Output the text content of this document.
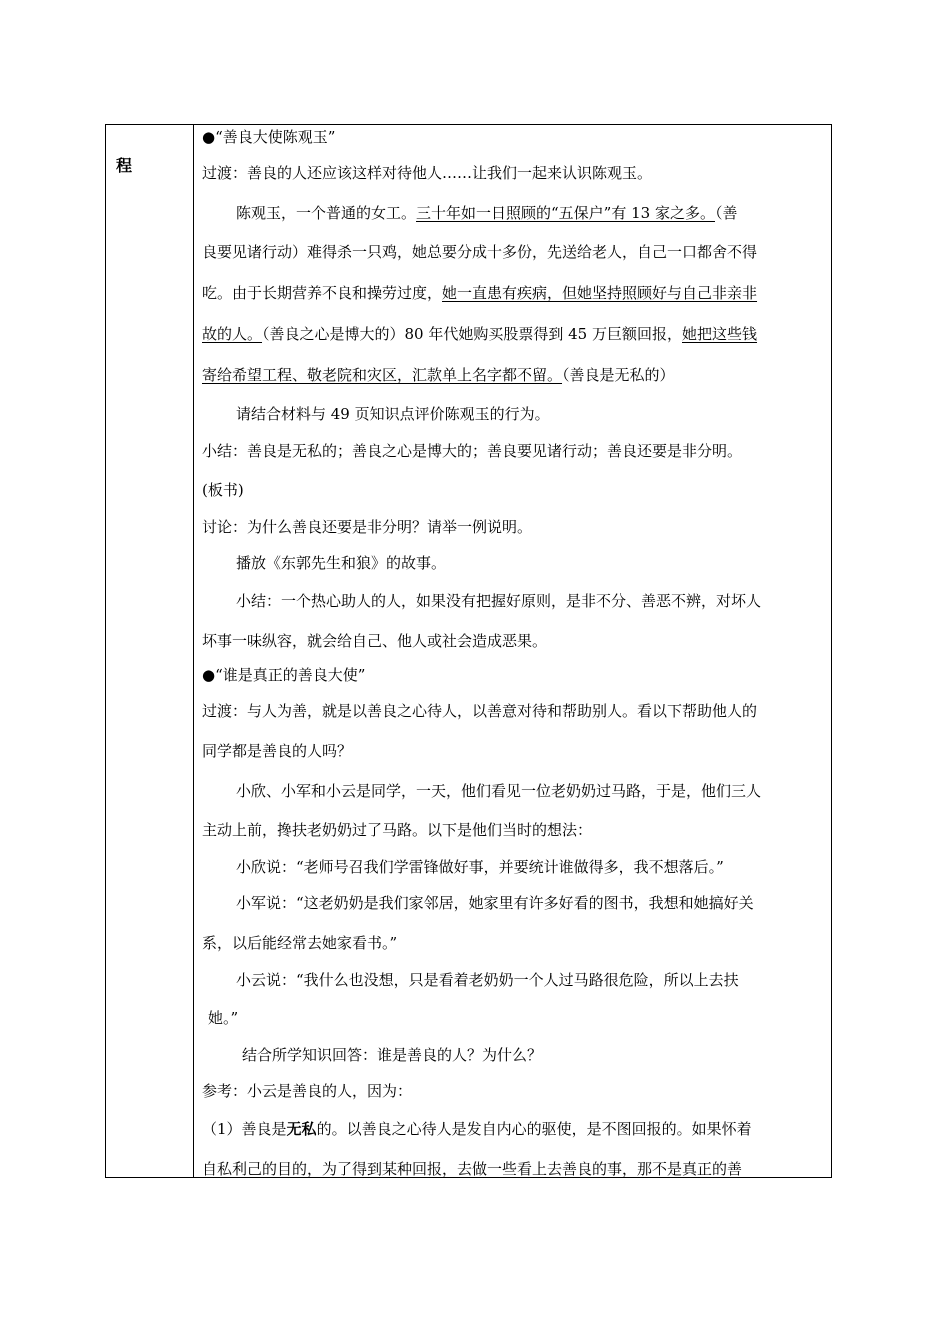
程
●“善良大使陈观玉”
过渡：善良的人还应该这样对待他人……让我们一起来认识陈观玉。
陈观玉，一个普通的女工。三十年如一日照顾的“五保户”有 13 家之多。（善
良要见诸行动）难得杀一只鸡，她总要分成十多份，先送给老人，自己一口都舍不得
吃。由于长期营养不良和操劳过度，她一直患有疾病，但她坚持照顾好与自己非亲非
故的人。（善良之心是博大的）80 年代她购买股票得到 45 万巨额回报，她把这些钱
寄给希望工程、敬老院和灾区，汇款单上名字都不留。（善良是无私的）
请结合材料与 49 页知识点评价陈观玉的行为。
小结：善良是无私的；善良之心是博大的；善良要见诸行动；善良还要是非分明。
(板书)
讨论：为什么善良还要是非分明？请举一例说明。
播放《东郭先生和狼》的故事。
小结：一个热心助人的人，如果没有把握好原则，是非不分、善恶不辨，对坏人
坏事一味纵容，就会给自己、他人或社会造成恶果。
●“谁是真正的善良大使”
过渡：与人为善，就是以善良之心待人，以善意对待和帮助别人。看以下帮助他人的
同学都是善良的人吗？
小欣、小军和小云是同学，一天，他们看见一位老奶奶过马路，于是，他们三人
主动上前，搀扶老奶奶过了马路。以下是他们当时的想法：
小欣说：“老师号召我们学雷锋做好事，并要统计谁做得多，我不想落后。”
小军说：“这老奶奶是我们家邻居，她家里有许多好看的图书，我想和她搞好关
系，以后能经常去她家看书。”
小云说：“我什么也没想，只是看着老奶奶一个人过马路很危险，所以上去扶
她。”
结合所学知识回答：谁是善良的人？为什么？
参考：小云是善良的人，因为：
（1）善良是无私的。以善良之心待人是发自内心的驱使，是不图回报的。如果怀着
自私利己的目的，为了得到某种回报，去做一些看上去善良的事，那不是真正的善
